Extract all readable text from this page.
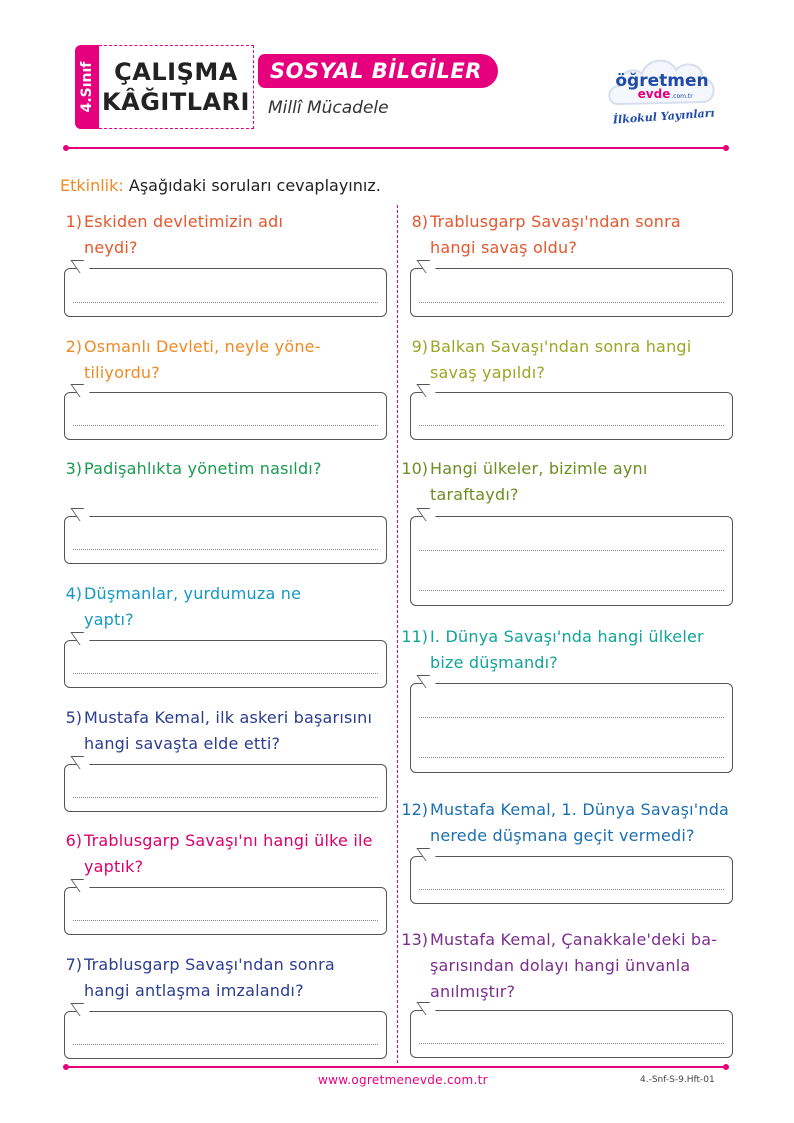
4.Sınıf ÇALIŞMA
KÂĞITLARI
SOSYAL BİLGİLER
Millî Mücadele
öğretmen
evde .com.tr
İlkokul Yayınları
Etkinlik: Aşağıdaki soruları cevaplayınız.
1) Eskiden devletimizin adı neydi?
2) Osmanlı Devleti, neyle yöne-tiliyordu?
3) Padişahlıkta yönetim nasıldı?
4) Düşmanlar, yurdumuza ne yaptı?
5) Mustafa Kemal, ilk askeri başarısını hangi savaşta elde etti?
6) Trablusgarp Savaşı'nı hangi ülke ile yaptık?
7) Trablusgarp Savaşı'ndan sonra hangi antlaşma imzalandı?
8) Trablusgarp Savaşı'ndan sonra hangi savaş oldu?
9) Balkan Savaşı'ndan sonra hangi savaş yapıldı?
10) Hangi ülkeler, bizimle aynı taraftaydı?
11) I. Dünya Savaşı'nda hangi ülkeler bize düşmandı?
12) Mustafa Kemal, 1. Dünya Savaşı'nda nerede düşmana geçit vermedi?
13) Mustafa Kemal, Çanakkale'deki ba-şarısından dolayı hangi ünvanla anılmıştır?
www.ogretmenevde.com.tr	4.-Snf-S-9.Hft-01
